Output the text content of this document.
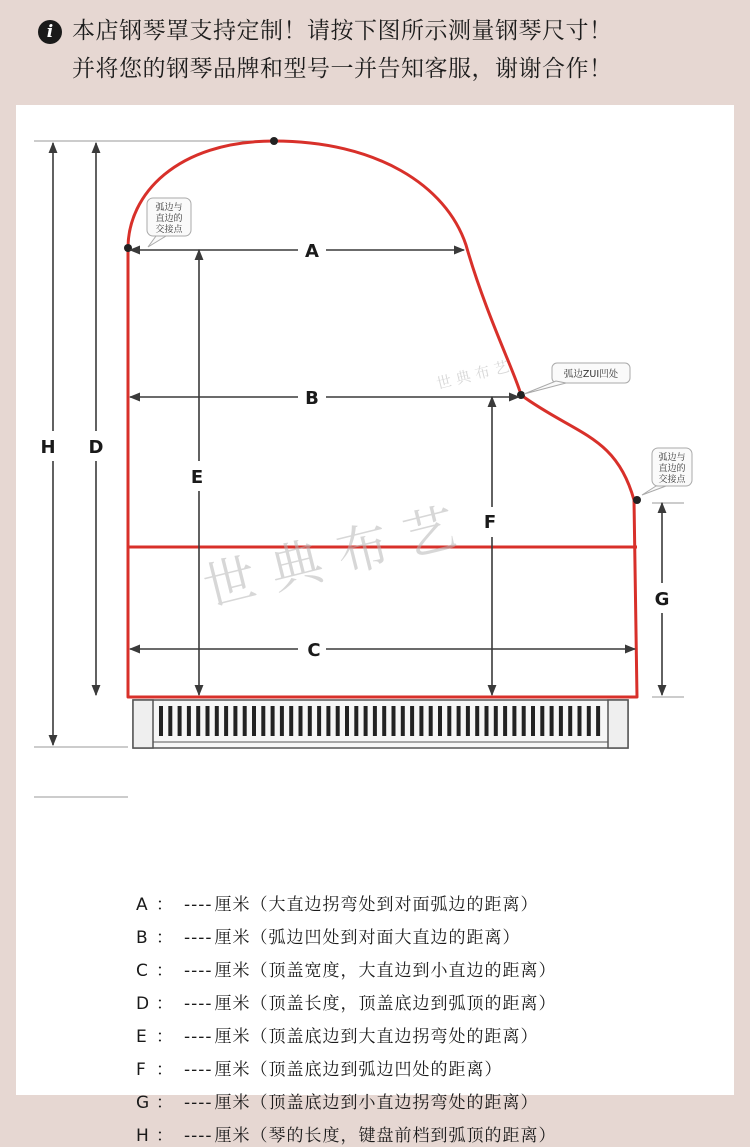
i 本店钢琴罩支持定制！请按下图所示测量钢琴尺寸！
并将您的钢琴品牌和型号一并告知客服，谢谢合作！
A
B
C
D
E
F
G
H
弧边与
直边的
交接点
弧边ZUI凹处
弧边与
直边的
交接点
世 典 布 艺
世 典 布 艺
A ： ---- 厘米（大直边拐弯处到对面弧边的距离）
B ： ---- 厘米（弧边凹处到对面大直边的距离）
C ： ---- 厘米（顶盖宽度，大直边到小直边的距离）
D ： ---- 厘米（顶盖长度，顶盖底边到弧顶的距离）
E ： ---- 厘米（顶盖底边到大直边拐弯处的距离）
F ： ---- 厘米（顶盖底边到弧边凹处的距离）
G ： ---- 厘米（顶盖底边到小直边拐弯处的距离）
H ： ---- 厘米（琴的长度，键盘前档到弧顶的距离）
